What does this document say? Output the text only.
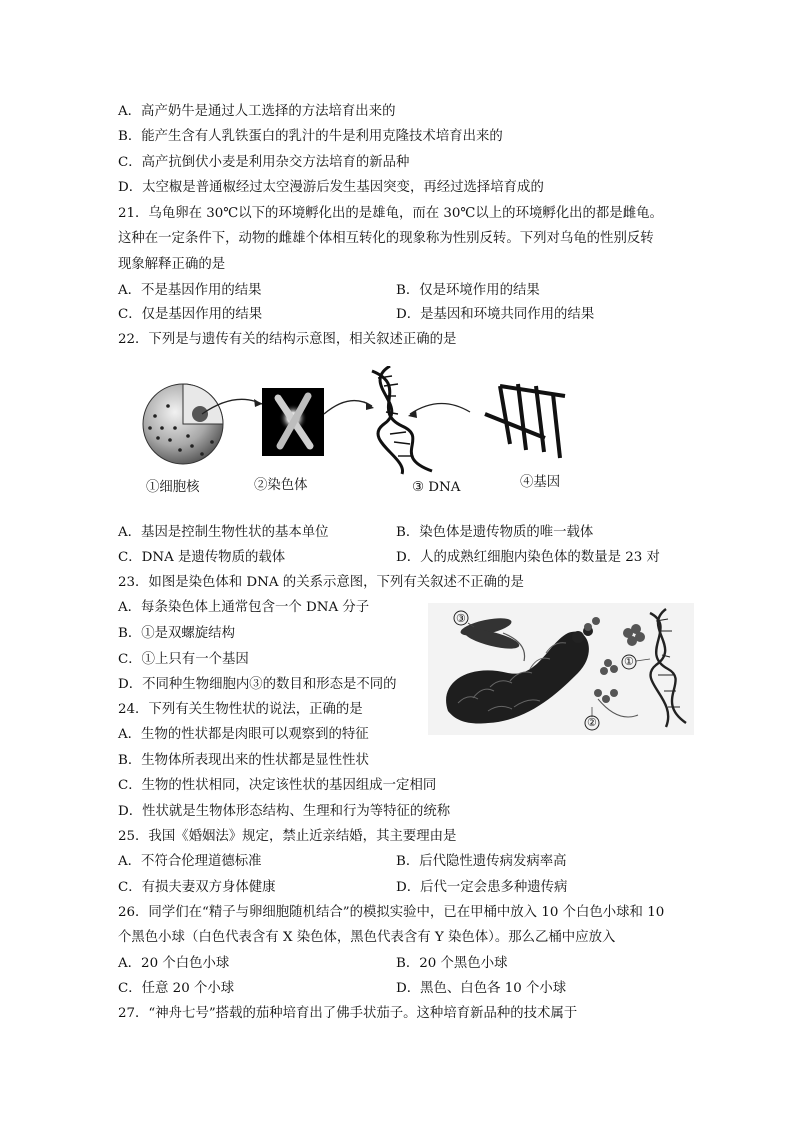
A．高产奶牛是通过人工选择的方法培育出来的
B．能产生含有人乳铁蛋白的乳汁的牛是利用克隆技术培育出来的
C．高产抗倒伏小麦是利用杂交方法培育的新品种
D．太空椒是普通椒经过太空漫游后发生基因突变，再经过选择培育成的
21．乌龟卵在 30℃以下的环境孵化出的是雄龟，而在 30℃以上的环境孵化出的都是雌龟。
这种在一定条件下，动物的雌雄个体相互转化的现象称为性别反转。下列对乌龟的性别反转
现象解释正确的是
A．不是基因作用的结果	B．仅是环境作用的结果
C．仅是基因作用的结果	D．是基因和环境共同作用的结果
22．下列是与遗传有关的结构示意图，相关叙述正确的是
①细胞核	②染色体	③ DNA	④基因
A．基因是控制生物性状的基本单位	B．染色体是遗传物质的唯一载体
C．DNA 是遗传物质的载体	D．人的成熟红细胞内染色体的数量是 23 对
23．如图是染色体和 DNA 的关系示意图，下列有关叙述不正确的是
A．每条染色体上通常包含一个 DNA 分子
B．①是双螺旋结构
C．①上只有一个基因
D．不同种生物细胞内③的数目和形态是不同的
③
①
②
24．下列有关生物性状的说法，正确的是
A．生物的性状都是肉眼可以观察到的特征
B．生物体所表现出来的性状都是显性性状
C．生物的性状相同，决定该性状的基因组成一定相同
D．性状就是生物体形态结构、生理和行为等特征的统称
25．我国《婚姻法》规定，禁止近亲结婚，其主要理由是
A．不符合伦理道德标准	B．后代隐性遗传病发病率高
C．有损夫妻双方身体健康	D．后代一定会患多种遗传病
26．同学们在“精子与卵细胞随机结合”的模拟实验中，已在甲桶中放入 10 个白色小球和 10
个黑色小球（白色代表含有 X 染色体，黑色代表含有 Y 染色体）。那么乙桶中应放入
A．20 个白色小球	B．20 个黑色小球
C．任意 20 个小球	D．黑色、白色各 10 个小球
27．“神舟七号”搭载的茄种培育出了佛手状茄子。这种培育新品种的技术属于
